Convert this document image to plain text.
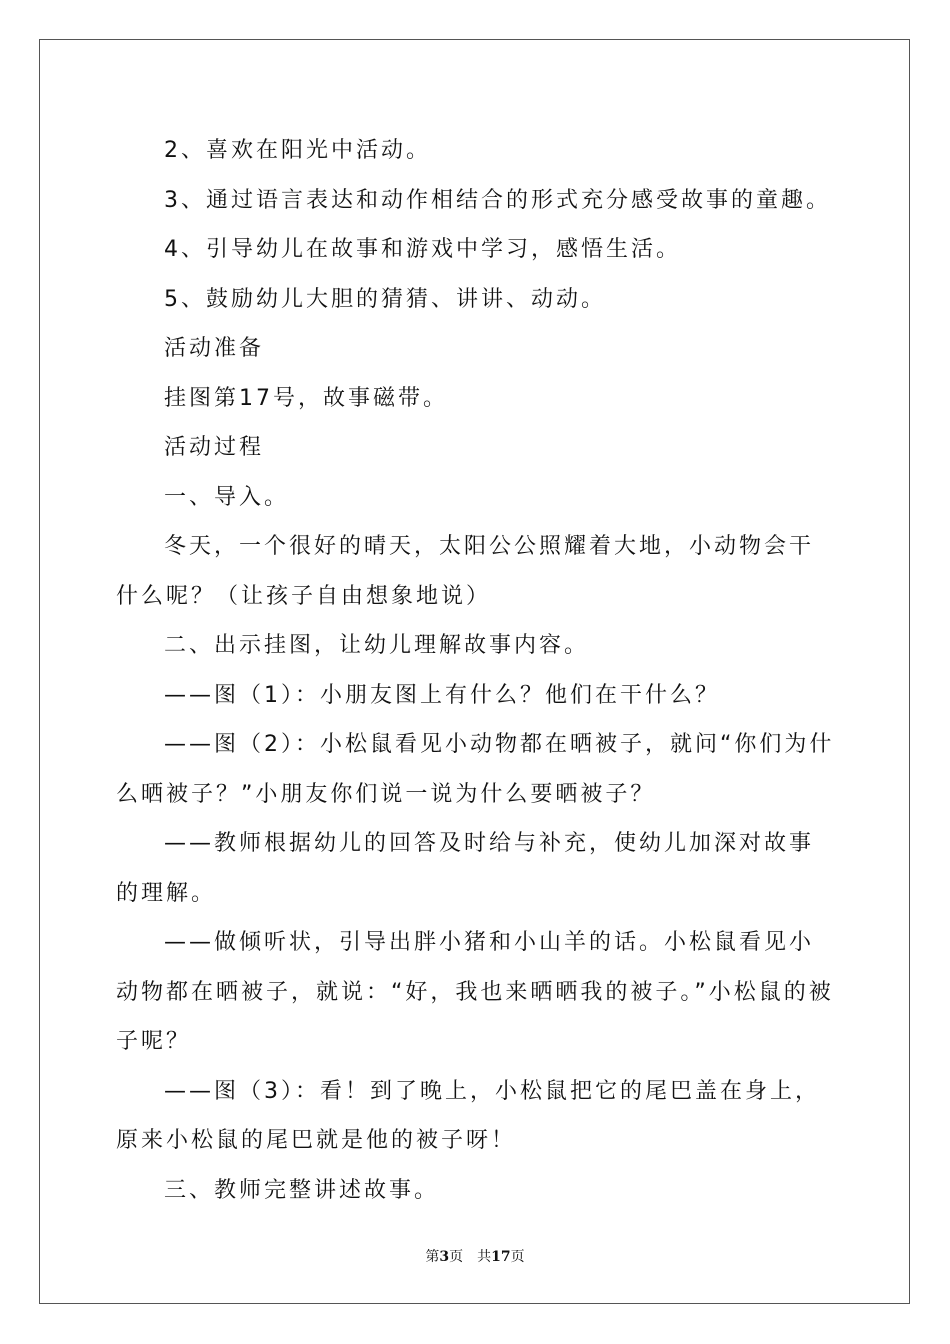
2、喜欢在阳光中活动。

3、通过语言表达和动作相结合的形式充分感受故事的童趣。

4、引导幼儿在故事和游戏中学习，感悟生活。

5、鼓励幼儿大胆的猜猜、讲讲、动动。

活动准备

挂图第17号，故事磁带。

活动过程

一、导入。

冬天，一个很好的晴天，太阳公公照耀着大地，小动物会干什么呢？（让孩子自由想象地说）

二、出示挂图，让幼儿理解故事内容。

——图（1）：小朋友图上有什么？他们在干什么？

——图（2）：小松鼠看见小动物都在晒被子，就问“你们为什么晒被子？”小朋友你们说一说为什么要晒被子？

——教师根据幼儿的回答及时给与补充，使幼儿加深对故事的理解。

——做倾听状，引导出胖小猪和小山羊的话。小松鼠看见小动物都在晒被子，就说：“好，我也来晒晒我的被子。”小松鼠的被子呢？

——图（3）：看！到了晚上，小松鼠把它的尾巴盖在身上，原来小松鼠的尾巴就是他的被子呀！

三、教师完整讲述故事。

第3页　共17页
